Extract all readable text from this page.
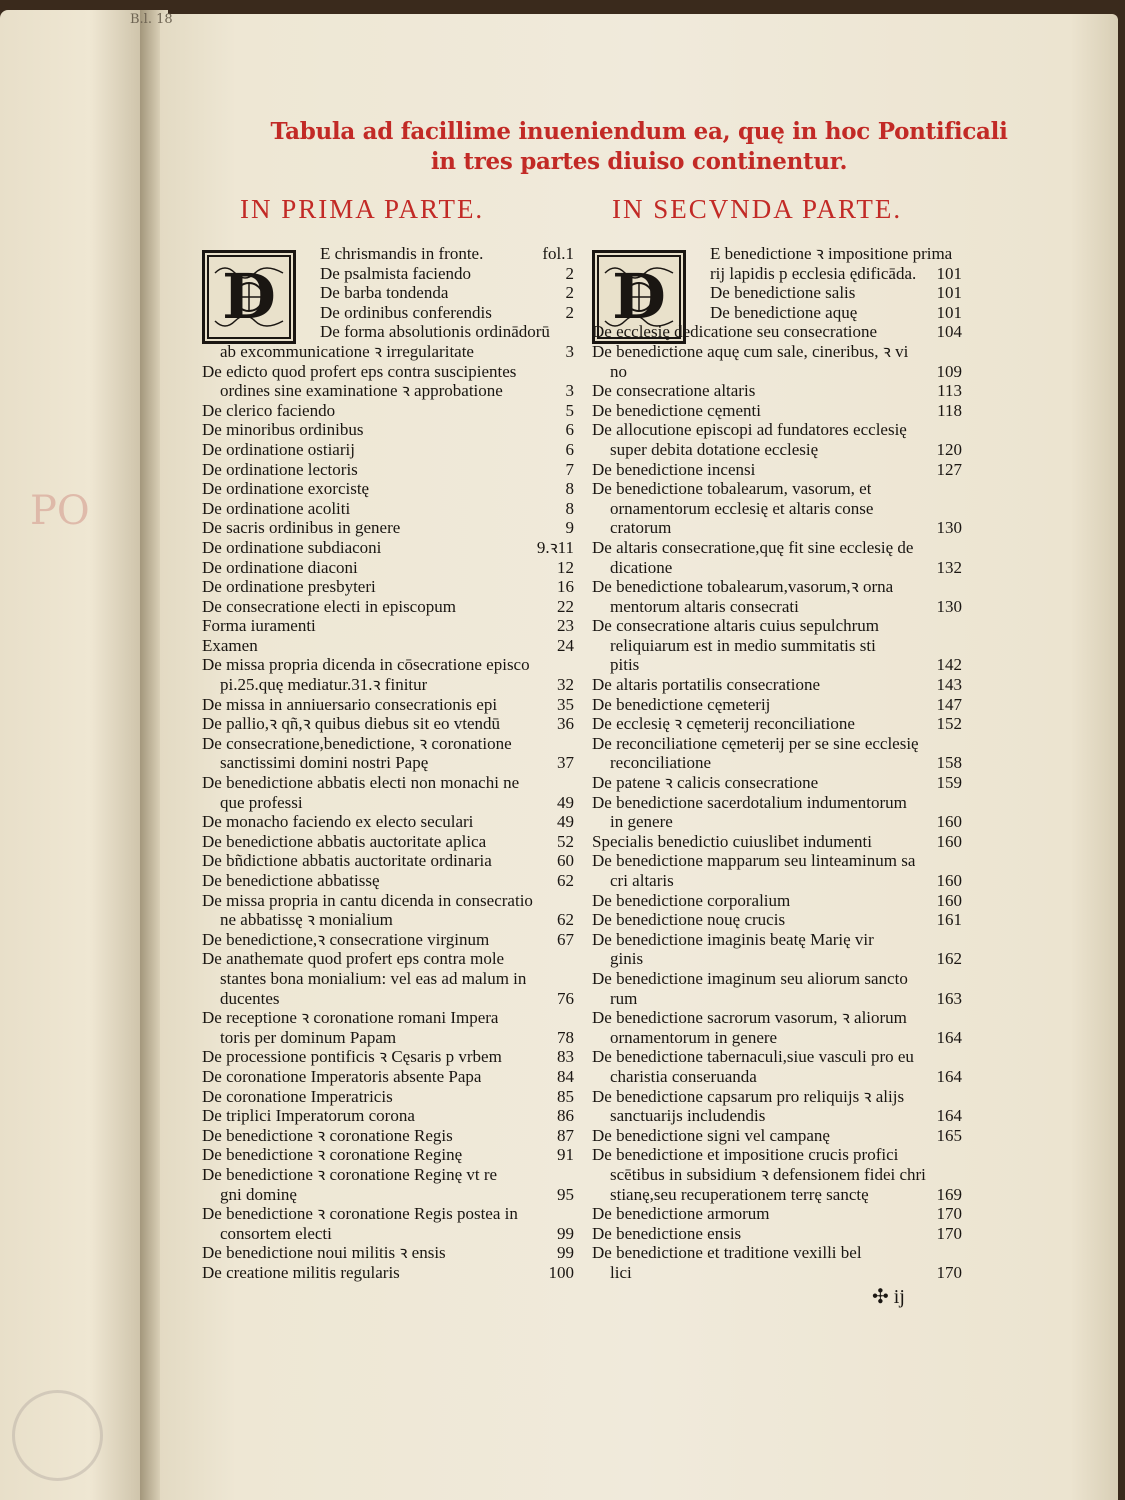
PO
B.l. 18
Tabula ad facillime inueniendum ea, quę in hoc Pontificali
in tres partes diuiso continentur.
IN PRIMA PARTE.	IN SECVNDA PARTE.
D
E chrismandis in fronte.	fol.1
De psalmista faciendo	2
De barba tondenda	2
De ordinibus conferendis	2
De forma absolutionis ordinādorū
ab excommunicatione ꝛ irregularitate	3
De edicto quod profert eps contra suscipientes
ordines sine examinatione ꝛ approbatione	3
De clerico faciendo	5
De minoribus ordinibus	6
De ordinatione ostiarij	6
De ordinatione lectoris	7
De ordinatione exorcistę	8
De ordinatione acoliti	8
De sacris ordinibus in genere	9
De ordinatione subdiaconi	9.ꝛ11
De ordinatione diaconi	12
De ordinatione presbyteri	16
De consecratione electi in episcopum	22
Forma iuramenti	23
Examen	24
De missa propria dicenda in cōsecratione episco
pi.25.quę mediatur.31.ꝛ finitur	32
De missa in anniuersario consecrationis epi	35
De pallio,ꝛ qñ,ꝛ quibus diebus sit eo vtendū	36
De consecratione,benedictione, ꝛ coronatione
sanctissimi domini nostri Papę	37
De benedictione abbatis electi non monachi ne
que professi	49
De monacho faciendo ex electo seculari	49
De benedictione abbatis auctoritate aplica	52
De bñdictione abbatis auctoritate ordinaria	60
De benedictione abbatissę	62
De missa propria in cantu dicenda in consecratio
ne abbatissę ꝛ monialium	62
De benedictione,ꝛ consecratione virginum	67
De anathemate quod profert eps contra mole
stantes bona monialium: vel eas ad malum in
ducentes	76
De receptione ꝛ coronatione romani Impera
toris per dominum Papam	78
De processione pontificis ꝛ Cęsaris p vrbem	83
De coronatione Imperatoris absente Papa	84
De coronatione Imperatricis	85
De triplici Imperatorum corona	86
De benedictione ꝛ coronatione Regis	87
De benedictione ꝛ coronatione Reginę	91
De benedictione ꝛ coronatione Reginę vt re
gni dominę	95
De benedictione ꝛ coronatione Regis postea in
consortem electi	99
De benedictione noui militis ꝛ ensis	99
De creatione militis regularis	100
D
E benedictione ꝛ impositione prima
rij lapidis p ecclesia ędificāda.	101
De benedictione salis	101
De benedictione aquę	101
De ecclesię dedicatione seu consecratione	104
De benedictione aquę cum sale, cineribus, ꝛ vi
no	109
De consecratione altaris	113
De benedictione cęmenti	118
De allocutione episcopi ad fundatores ecclesię
super debita dotatione ecclesię	120
De benedictione incensi	127
De benedictione tobalearum, vasorum, et
ornamentorum ecclesię et altaris conse
cratorum	130
De altaris consecratione,quę fit sine ecclesię de
dicatione	132
De benedictione tobalearum,vasorum,ꝛ orna
mentorum altaris consecrati	130
De consecratione altaris cuius sepulchrum
reliquiarum est in medio summitatis sti
pitis	142
De altaris portatilis consecratione	143
De benedictione cęmeterij	147
De ecclesię ꝛ cęmeterij reconciliatione	152
De reconciliatione cęmeterij per se sine ecclesię
reconciliatione	158
De patene ꝛ calicis consecratione	159
De benedictione sacerdotalium indumentorum
in genere	160
Specialis benedictio cuiuslibet indumenti	160
De benedictione mapparum seu linteaminum sa
cri altaris	160
De benedictione corporalium	160
De benedictione nouę crucis	161
De benedictione imaginis beatę Marię vir
ginis	162
De benedictione imaginum seu aliorum sancto
rum	163
De benedictione sacrorum vasorum, ꝛ aliorum
ornamentorum in genere	164
De benedictione tabernaculi,siue vasculi pro eu
charistia conseruanda	164
De benedictione capsarum pro reliquijs ꝛ alijs
sanctuarijs includendis	164
De benedictione signi vel campanę	165
De benedictione et impositione crucis profici
scētibus in subsidium ꝛ defensionem fidei chri
stianę,seu recuperationem terrę sanctę	169
De benedictione armorum	170
De benedictione ensis	170
De benedictione et traditione vexilli bel
lici	170
✣ ij
